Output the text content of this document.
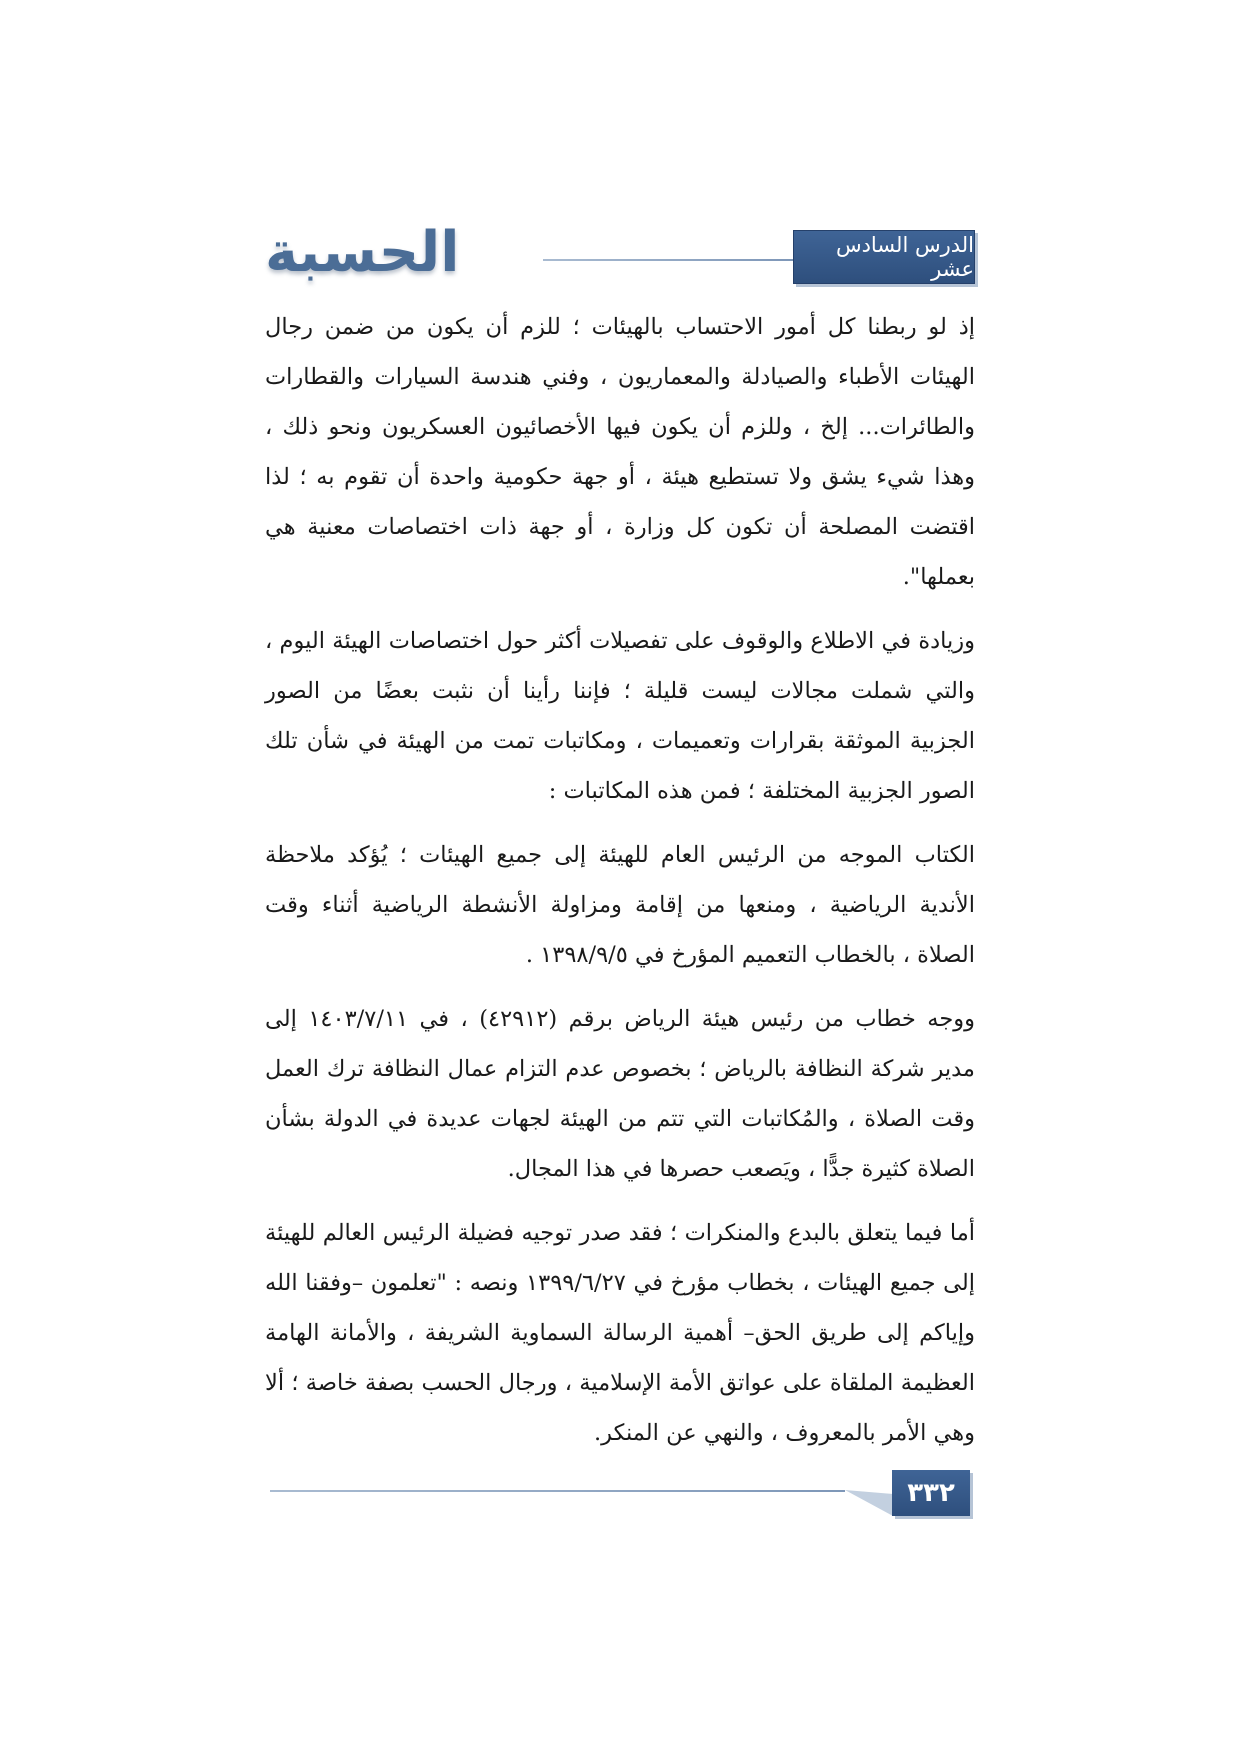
الحسبة	الدرس السادس عشر

إذ لو ربطنا كل أمور الاحتساب بالهيئات ؛ للزم أن يكون من ضمن رجال الهيئات الأطباء والصيادلة والمعماريون ، وفني هندسة السيارات والقطارات والطائرات... إلخ ، وللزم أن يكون فيها الأخصائيون العسكريون ونحو ذلك ، وهذا شيء يشق ولا تستطيع هيئة ، أو جهة حكومية واحدة أن تقوم به ؛ لذا اقتضت المصلحة أن تكون كل وزارة ، أو جهة ذات اختصاصات معنية هي بعملها".

وزيادة في الاطلاع والوقوف على تفصيلات أكثر حول اختصاصات الهيئة اليوم ، والتي شملت مجالات ليست قليلة ؛ فإننا رأينا أن نثبت بعضًا من الصور الجزبية الموثقة بقرارات وتعميمات ، ومكاتبات تمت من الهيئة في شأن تلك الصور الجزبية المختلفة ؛ فمن هذه المكاتبات :

الكتاب الموجه من الرئيس العام للهيئة إلى جميع الهيئات ؛ يُؤكد ملاحظة الأندية الرياضية ، ومنعها من إقامة ومزاولة الأنشطة الرياضية أثناء وقت الصلاة ، بالخطاب التعميم المؤرخ في ١٣٩٨/٩/٥ .

ووجه خطاب من رئيس هيئة الرياض برقم (٤٢٩١٢) ، في ١٤٠٣/٧/١١ إلى مدير شركة النظافة بالرياض ؛ بخصوص عدم التزام عمال النظافة ترك العمل وقت الصلاة ، والمُكاتبات التي تتم من الهيئة لجهات عديدة في الدولة بشأن الصلاة كثيرة جدًّا ، ويَصعب حصرها في هذا المجال.

أما فيما يتعلق بالبدع والمنكرات ؛ فقد صدر توجيه فضيلة الرئيس العالم للهيئة إلى جميع الهيئات ، بخطاب مؤرخ في ١٣٩٩/٦/٢٧ ونصه : "تعلمون –وفقنا الله وإياكم إلى طريق الحق– أهمية الرسالة السماوية الشريفة ، والأمانة الهامة العظيمة الملقاة على عواتق الأمة الإسلامية ، ورجال الحسب بصفة خاصة ؛ ألا وهي الأمر بالمعروف ، والنهي عن المنكر.

٣٣٢
